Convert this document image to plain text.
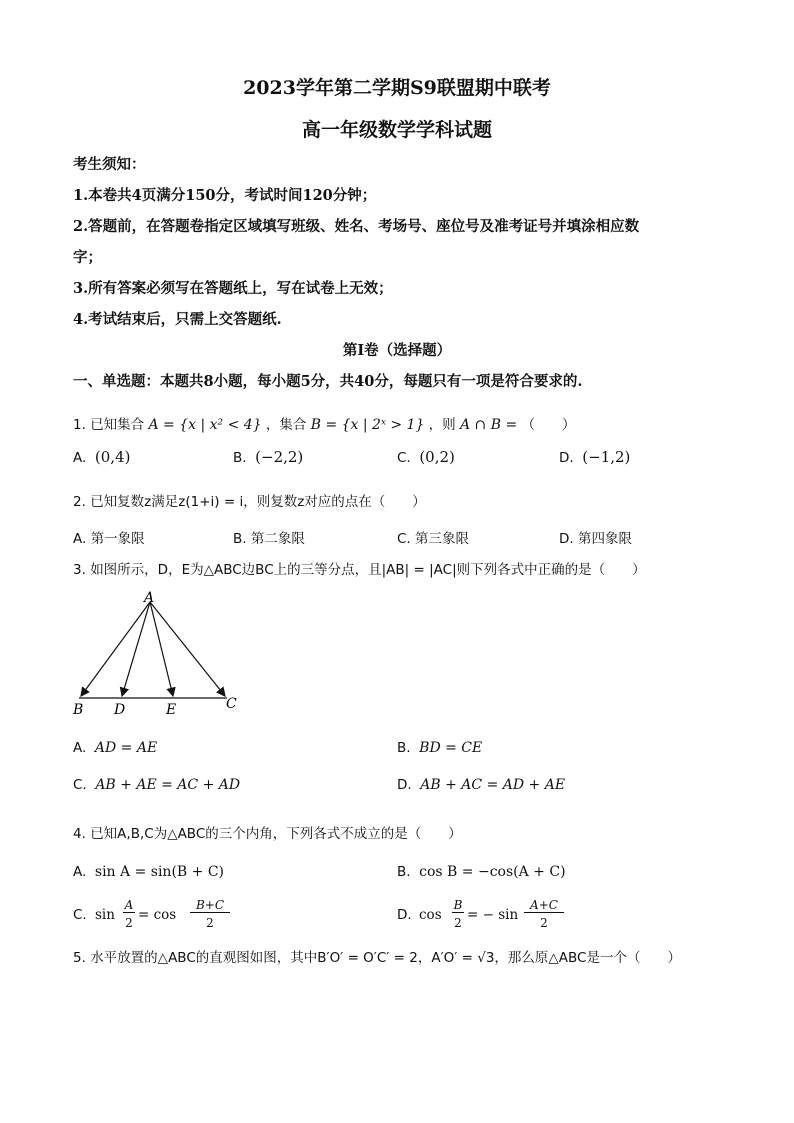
2023学年第二学期S9联盟期中联考
高一年级数学学科试题
考生须知：
1.本卷共4页满分150分，考试时间120分钟；
2.答题前，在答题卷指定区域填写班级、姓名、考场号、座位号及准考证号并填涂相应数
字；
3.所有答案必须写在答题纸上，写在试卷上无效；
4.考试结束后，只需上交答题纸.
第I卷（选择题）
一、单选题：本题共8小题，每小题5分，共40分，每题只有一项是符合要求的.
1. 已知集合 A = {x | x² < 4} ，集合 B = {x | 2ˣ > 1} ，则 A ∩ B = （　　）
A. (0,4)	B. (−2,2)	C. (0,2)	D. (−1,2)
2. 已知复数z满足z(1+i) = i，则复数z对应的点在（　　）
A. 第一象限	B. 第二象限	C. 第三象限	D. 第四象限
3. 如图所示，D，E为△ABC边BC上的三等分点，且|AB| = |AC|则下列各式中正确的是（　　）
A
B D	E	C
A. AD = AE	B. BD = CE
C. AB + AE = AC + AD	D. AB + AC = AD + AE
4. 已知A,B,C为△ABC的三个内角，下列各式不成立的是（　　）
A. sin A = sin(B + C)	B. cos B = −cos(A + C)
C. sin
A
2 = cos
B+C
2	D. cos
B
2 = − sin
A+C
2
5. 水平放置的△ABC的直观图如图，其中B′O′ = O′C′ = 2，A′O′ = √3，那么原△ABC是一个（　　）
